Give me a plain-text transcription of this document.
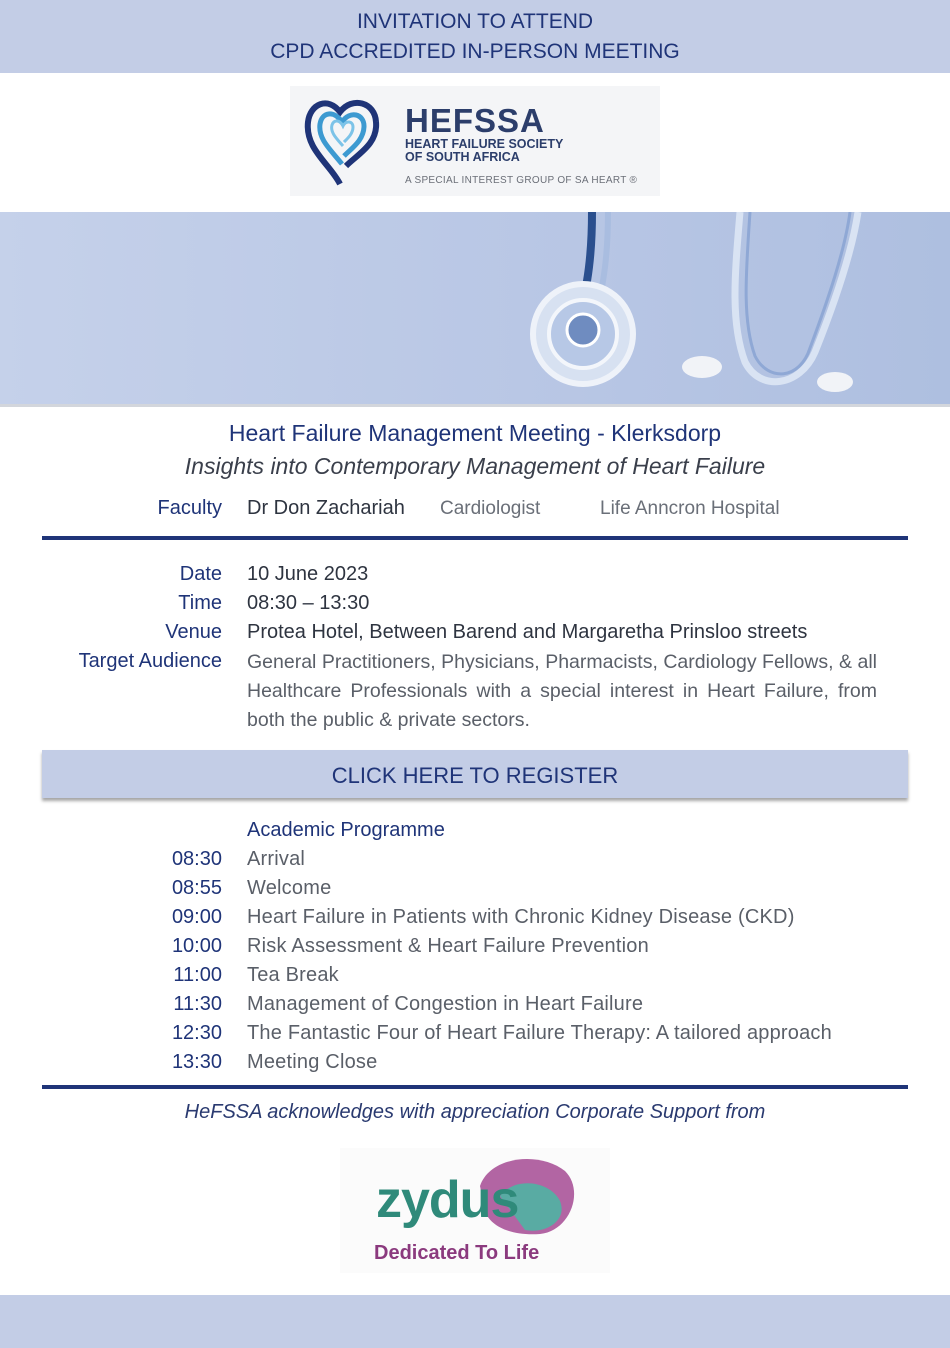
INVITATION TO ATTEND
CPD ACCREDITED IN-PERSON MEETING
HEFSSA
HEART FAILURE SOCIETY
OF SOUTH AFRICA
A SPECIAL INTEREST GROUP OF SA HEART ®
Heart Failure Management Meeting - Klerksdorp
Insights into Contemporary Management of Heart Failure
Faculty Dr Don Zachariah Cardiologist	Life Anncron Hospital
Date 10 June 2023
Time 08:30 – 13:30
Venue Protea Hotel, Between Barend and Margaretha Prinsloo streets
Target Audience General Practitioners, Physicians, Pharmacists, Cardiology Fellows, & all Healthcare Professionals with a special interest in Heart Failure, from both the public & private sectors.
CLICK HERE TO REGISTER
Academic Programme
08:30 Arrival
08:55 Welcome
09:00 Heart Failure in Patients with Chronic Kidney Disease (CKD)
10:00 Risk Assessment & Heart Failure Prevention
11:00 Tea Break
11:30 Management of Congestion in Heart Failure
12:30 The Fantastic Four of Heart Failure Therapy: A tailored approach
13:30 Meeting Close
HeFSSA acknowledges with appreciation Corporate Support from
zydus
Dedicated To Life
